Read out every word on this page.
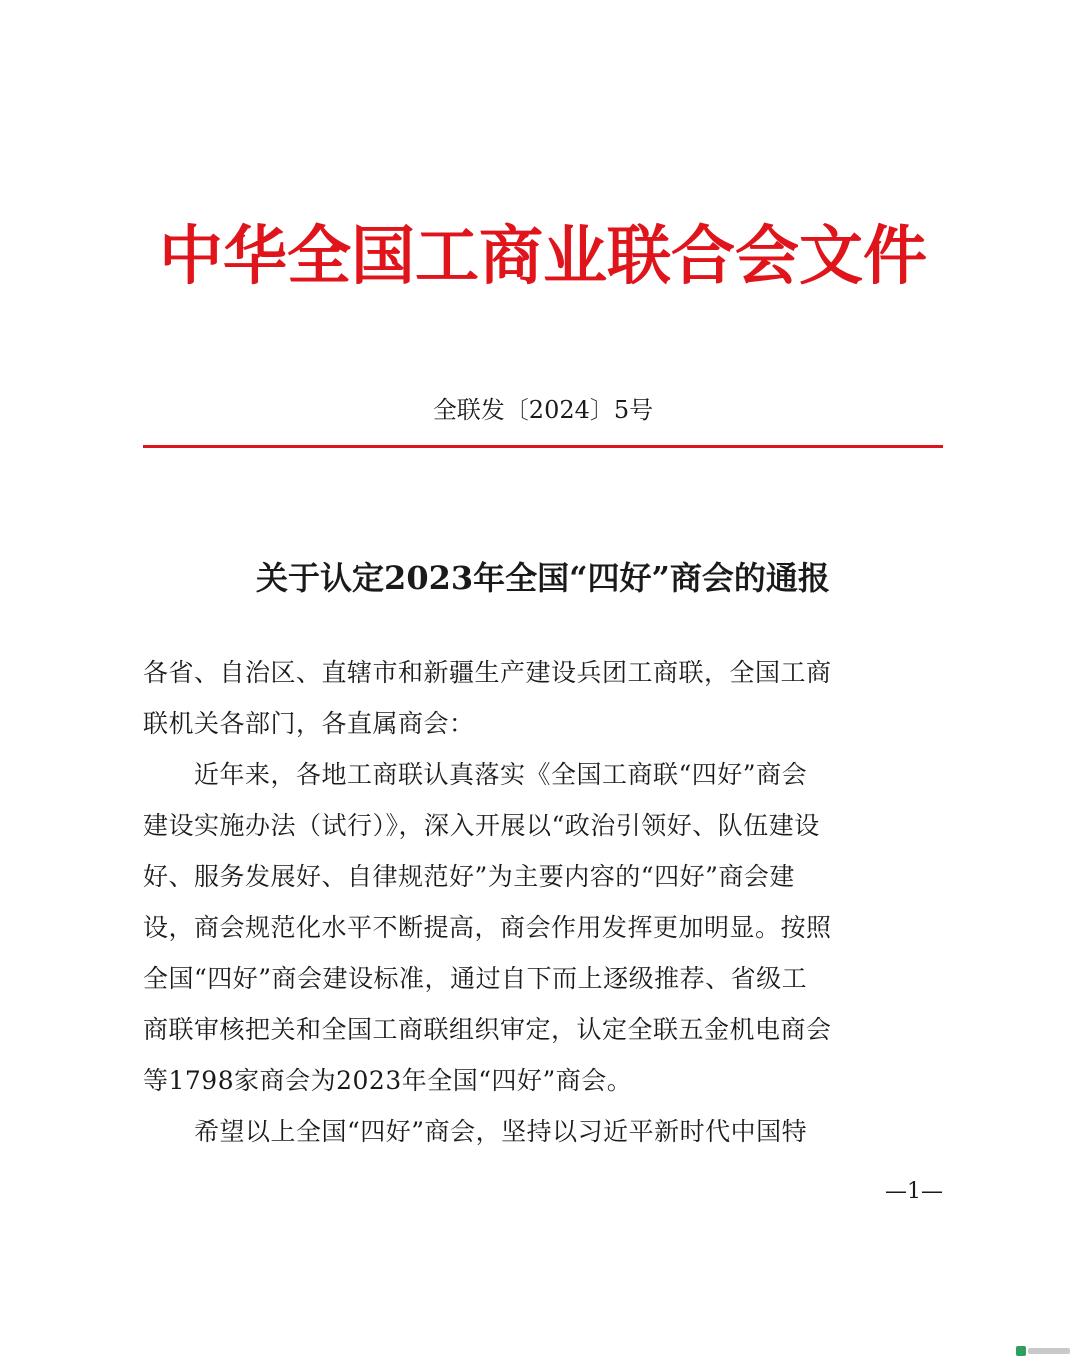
中华全国工商业联合会文件
全联发〔2024〕5号
关于认定2023年全国“四好”商会的通报
各省、自治区、直辖市和新疆生产建设兵团工商联，全国工商
联机关各部门，各直属商会：
　　近年来，各地工商联认真落实《全国工商联“四好”商会
建设实施办法（试行）》，深入开展以“政治引领好、队伍建设
好、服务发展好、自律规范好”为主要内容的“四好”商会建
设，商会规范化水平不断提高，商会作用发挥更加明显。按照
全国“四好”商会建设标准，通过自下而上逐级推荐、省级工
商联审核把关和全国工商联组织审定，认定全联五金机电商会
等1798家商会为2023年全国“四好”商会。
　　希望以上全国“四好”商会，坚持以习近平新时代中国特
—1—
